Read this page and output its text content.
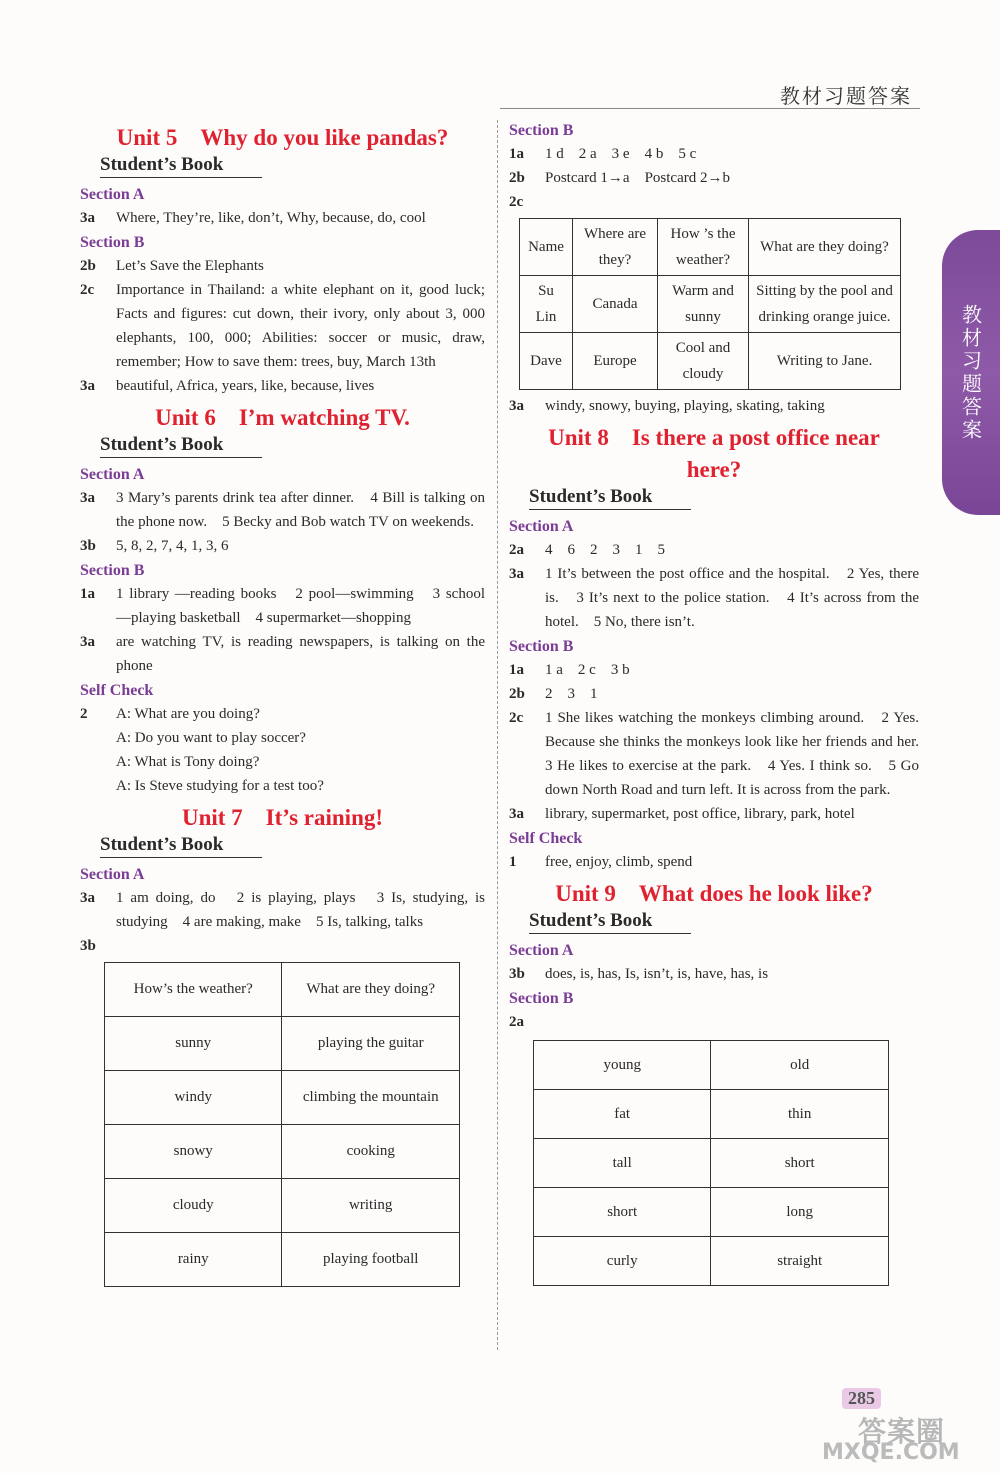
教材习题答案
教材习题答案
Unit 5　Why do you like pandas?
Student’s Book
Section A
3a	Where, They’re, like, don’t, Why, because, do, cool
Section B
2b	Let’s Save the Elephants
2c	Importance in Thailand: a white elephant on it, good luck; Facts and figures: cut down, their ivory, only about 3, 000 elephants, 100, 000; Abilities: soccer or music, draw, remember; How to save them: trees, buy, March 13th
3a	beautiful, Africa, years, like, because, lives
Unit 6　I’m watching TV.
Student’s Book
Section A
3a	3 Mary’s parents drink tea after dinner.　4 Bill is talking on the phone now.　5 Becky and Bob watch TV on weekends.
3b	5, 8, 2, 7, 4, 1, 3, 6
Section B
1a	1 library —reading books　2 pool—swimming　3 school —playing basketball　4 supermarket—shopping
3a	are watching TV, is reading newspapers, is talking on the phone
Self Check
2	A: What are you doing?
A: Do you want to play soccer?
A: What is Tony doing?
A: Is Steve studying for a test too?
Unit 7　It’s raining!
Student’s Book
Section A
3a	1 am doing, do　2 is playing, plays　3 Is, studying, is studying　4 are making, make　5 Is, talking, talks
3b
How’s the weather?	What are they doing?
sunny	playing the guitar
windy	climbing the mountain
snowy	cooking
cloudy	writing
rainy	playing football
Section B
1a	1 d　2 a　3 e　4 b　5 c
2b	Postcard 1→a　Postcard 2→b
2c
Name	Where are they?	How ’s the weather?	What are they doing?
Su Lin	Canada	Warm and sunny	Sitting by the pool and drinking orange juice.
Dave	Europe	Cool and cloudy	Writing to Jane.
3a	windy, snowy, buying, playing, skating, taking
Unit 8　Is there a post office near
here?
Student’s Book
Section A
2a	4　6　2　3　1　5
3a	1 It’s between the post office and the hospital.　2 Yes, there is.　3 It’s next to the police station.　4 It’s across from the hotel.　5 No, there isn’t.
Section B
1a	1 a　2 c　3 b
2b	2　3　1
2c	1 She likes watching the monkeys climbing around.　2 Yes. Because she thinks the monkeys look like her friends and her.　3 He likes to exercise at the park.　4 Yes. I think so.　5 Go down North Road and turn left. It is across from the park.
3a	library, supermarket, post office, library, park, hotel
Self Check
1	free, enjoy, climb, spend
Unit 9　What does he look like?
Student’s Book
Section A
3b	does, is, has, Is, isn’t, is, have, has, is
Section B
2a
young	old
fat	thin
tall	short
short	long
curly	straight
285
答案圈
MXQE.COM
